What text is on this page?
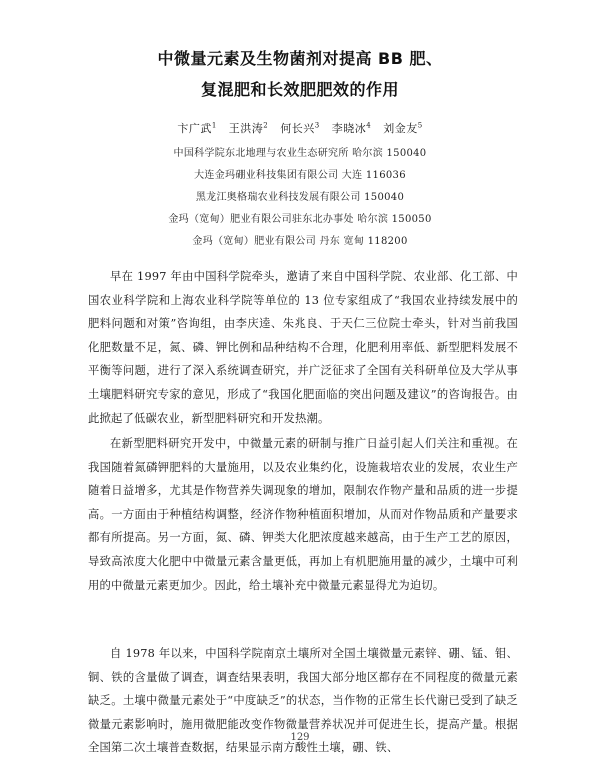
中微量元素及生物菌剂对提高 BB 肥、
复混肥和长效肥肥效的作用
卞广武$^1$ 王洪涛$^2$ 何长兴$^3$ 李晓冰$^4$ 刘金友$^5$
中国科学院东北地理与农业生态研究所 哈尔滨 150040
大连金玛硼业科技集团有限公司 大连 116036
黑龙江奥格瑞农业科技发展有限公司 150040
金玛（宽甸）肥业有限公司驻东北办事处 哈尔滨 150050
金玛（宽甸）肥业有限公司 丹东 宽甸 118200
早在 1997 年由中国科学院牵头，邀请了来自中国科学院、农业部、化工部、中国农业科学院和上海农业科学院等单位的 13 位专家组成了“我国农业持续发展中的肥料问题和对策”咨询组，由李庆逵、朱兆良、于天仁三位院士牵头，针对当前我国化肥数量不足，氮、磷、钾比例和品种结构不合理，化肥利用率低、新型肥料发展不平衡等问题，进行了深入系统调查研究，并广泛征求了全国有关科研单位及大学从事土壤肥料研究专家的意见，形成了“我国化肥面临的突出问题及建议”的咨询报告。由此掀起了低碳农业，新型肥料研究和开发热潮。
在新型肥料研究开发中，中微量元素的研制与推广日益引起人们关注和重视。在我国随着氮磷钾肥料的大量施用，以及农业集约化，设施栽培农业的发展，农业生产随着日益增多，尤其是作物营养失调现象的增加，限制农作物产量和品质的进一步提高。一方面由于种植结构调整，经济作物种植面积增加，从而对作物品质和产量要求都有所提高。另一方面，氮、磷、钾类大化肥浓度越来越高，由于生产工艺的原因，导致高浓度大化肥中中微量元素含量更低，再加上有机肥施用量的减少，土壤中可利用的中微量元素更加少。因此，给土壤补充中微量元素显得尤为迫切。
自 1978 年以来，中国科学院南京土壤所对全国土壤微量元素锌、硼、锰、钼、铜、铁的含量做了调查，调查结果表明，我国大部分地区都存在不同程度的微量元素缺乏。土壤中微量元素处于“中度缺乏”的状态，当作物的正常生长代谢已受到了缺乏微量元素影响时，施用微肥能改变作物微量营养状况并可促进生长，提高产量。根据全国第二次土壤普查数据，结果显示南方酸性土壤，硼、铁、
129
